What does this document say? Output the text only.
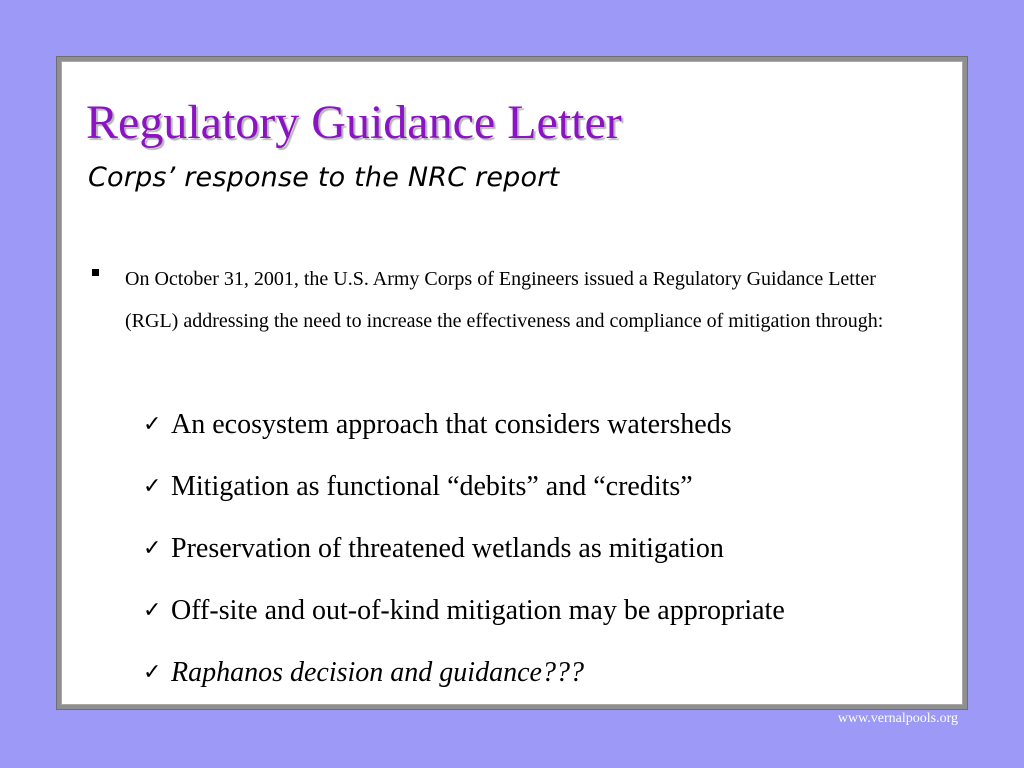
Regulatory Guidance Letter
Corps’ response to the NRC report

On October 31, 2001, the U.S. Army Corps of Engineers issued a Regulatory Guidance Letter (RGL) addressing the need to increase the effectiveness and compliance of mitigation through:

✓ An ecosystem approach that considers watersheds
✓ Mitigation as functional “debits” and “credits”
✓ Preservation of threatened wetlands as mitigation
✓ Off-site and out-of-kind mitigation may be appropriate
✓ Raphanos decision and guidance???
www.vernalpools.org
